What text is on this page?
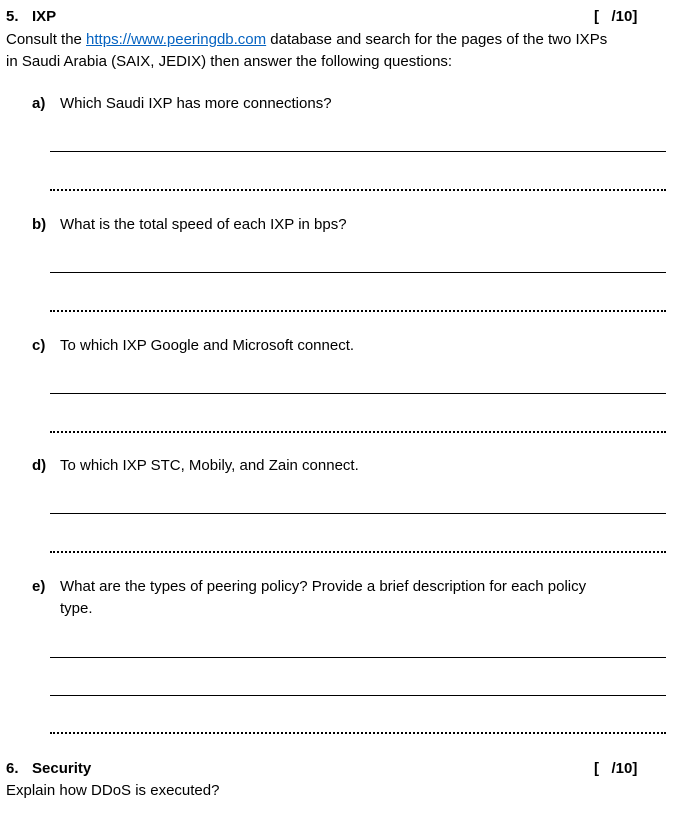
5. IXP	[   /10]
Consult the https://www.peeringdb.com database and search for the pages of the two IXPs
in Saudi Arabia (SAIX, JEDIX) then answer the following questions:
a) Which Saudi IXP has more connections?
b) What is the total speed of each IXP in bps?
c) To which IXP Google and Microsoft connect.
d) To which IXP STC, Mobily, and Zain connect.
e) What are the types of peering policy? Provide a brief description for each policy
type.
6. Security	[   /10]
Explain how DDoS is executed?
